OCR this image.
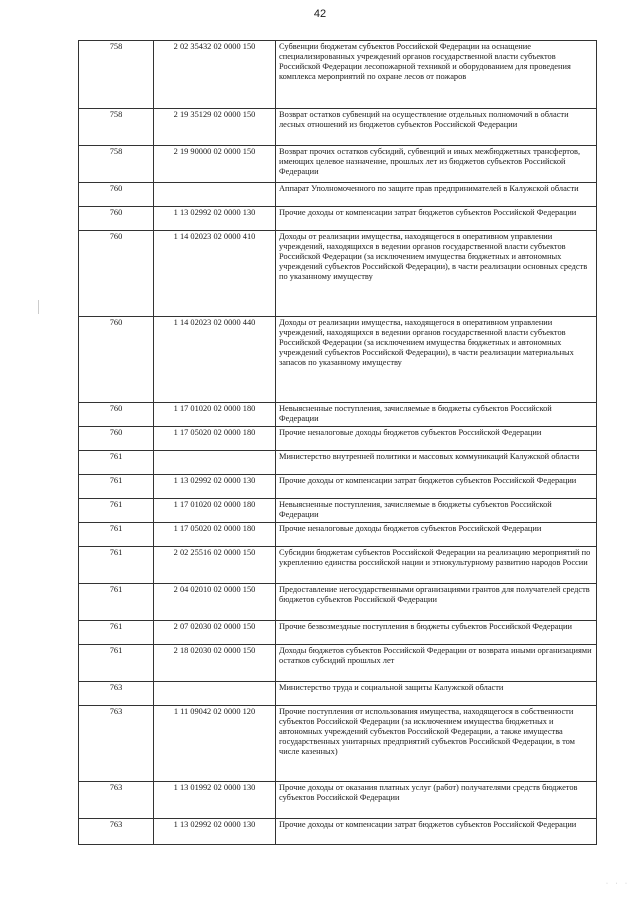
42
758	2 02 35432 02 0000 150	Субвенции бюджетам субъектов Российской Федерации на оснащение специализированных учреждений органов государственной власти субъектов Российской Федерации лесопожарной техникой и оборудованием для проведения комплекса мероприятий по охране лесов от пожаров
758	2 19 35129 02 0000 150	Возврат остатков субвенций на осуществление отдельных полномочий в области лесных отношений из бюджетов субъектов Российской Федерации
758	2 19 90000 02 0000 150	Возврат прочих остатков субсидий, субвенций и иных межбюджетных трансфертов, имеющих целевое назначение, прошлых лет из бюджетов субъектов Российской Федерации
760		Аппарат Уполномоченного по защите прав предпринимателей в Калужской области
760	1 13 02992 02 0000 130	Прочие доходы от компенсации затрат бюджетов субъектов Российской Федерации
760	1 14 02023 02 0000 410	Доходы от реализации имущества, находящегося в оперативном управлении учреждений, находящихся в ведении органов государственной власти субъектов Российской Федерации (за исключением имущества бюджетных и автономных учреждений субъектов Российской Федерации), в части реализации основных средств по указанному имуществу
760	1 14 02023 02 0000 440	Доходы от реализации имущества, находящегося в оперативном управлении учреждений, находящихся в ведении органов государственной власти субъектов Российской Федерации (за исключением имущества бюджетных и автономных учреждений субъектов Российской Федерации), в части реализации материальных запасов по указанному имуществу
760	1 17 01020 02 0000 180	Невыясненные поступления, зачисляемые в бюджеты субъектов Российской Федерации
760	1 17 05020 02 0000 180	Прочие неналоговые доходы бюджетов субъектов Российской Федерации
761		Министерство внутренней политики и массовых коммуникаций Калужской области
761	1 13 02992 02 0000 130	Прочие доходы от компенсации затрат бюджетов субъектов Российской Федерации
761	1 17 01020 02 0000 180	Невыясненные поступления, зачисляемые в бюджеты субъектов Российской Федерации
761	1 17 05020 02 0000 180	Прочие неналоговые доходы бюджетов субъектов Российской Федерации
761	2 02 25516 02 0000 150	Субсидии бюджетам субъектов Российской Федерации на реализацию мероприятий по укреплению единства российской нации и этнокультурному развитию народов России
761	2 04 02010 02 0000 150	Предоставление негосударственными организациями грантов для получателей средств бюджетов субъектов Российской Федерации
761	2 07 02030 02 0000 150	Прочие безвозмездные поступления в бюджеты субъектов Российской Федерации
761	2 18 02030 02 0000 150	Доходы бюджетов субъектов Российской Федерации от возврата иными организациями остатков субсидий прошлых лет
763		Министерство труда и социальной защиты Калужской области
763	1 11 09042 02 0000 120	Прочие поступления от использования имущества, находящегося в собственности субъектов Российской Федерации (за исключением имущества бюджетных и автономных учреждений субъектов Российской Федерации, а также имущества государственных унитарных предприятий субъектов Российской Федерации, в том числе казенных)
763	1 13 01992 02 0000 130	Прочие доходы от оказания платных услуг (работ) получателями средств бюджетов субъектов Российской Федерации
763	1 13 02992 02 0000 130	Прочие доходы от компенсации затрат бюджетов субъектов Российской Федерации
· · ·
